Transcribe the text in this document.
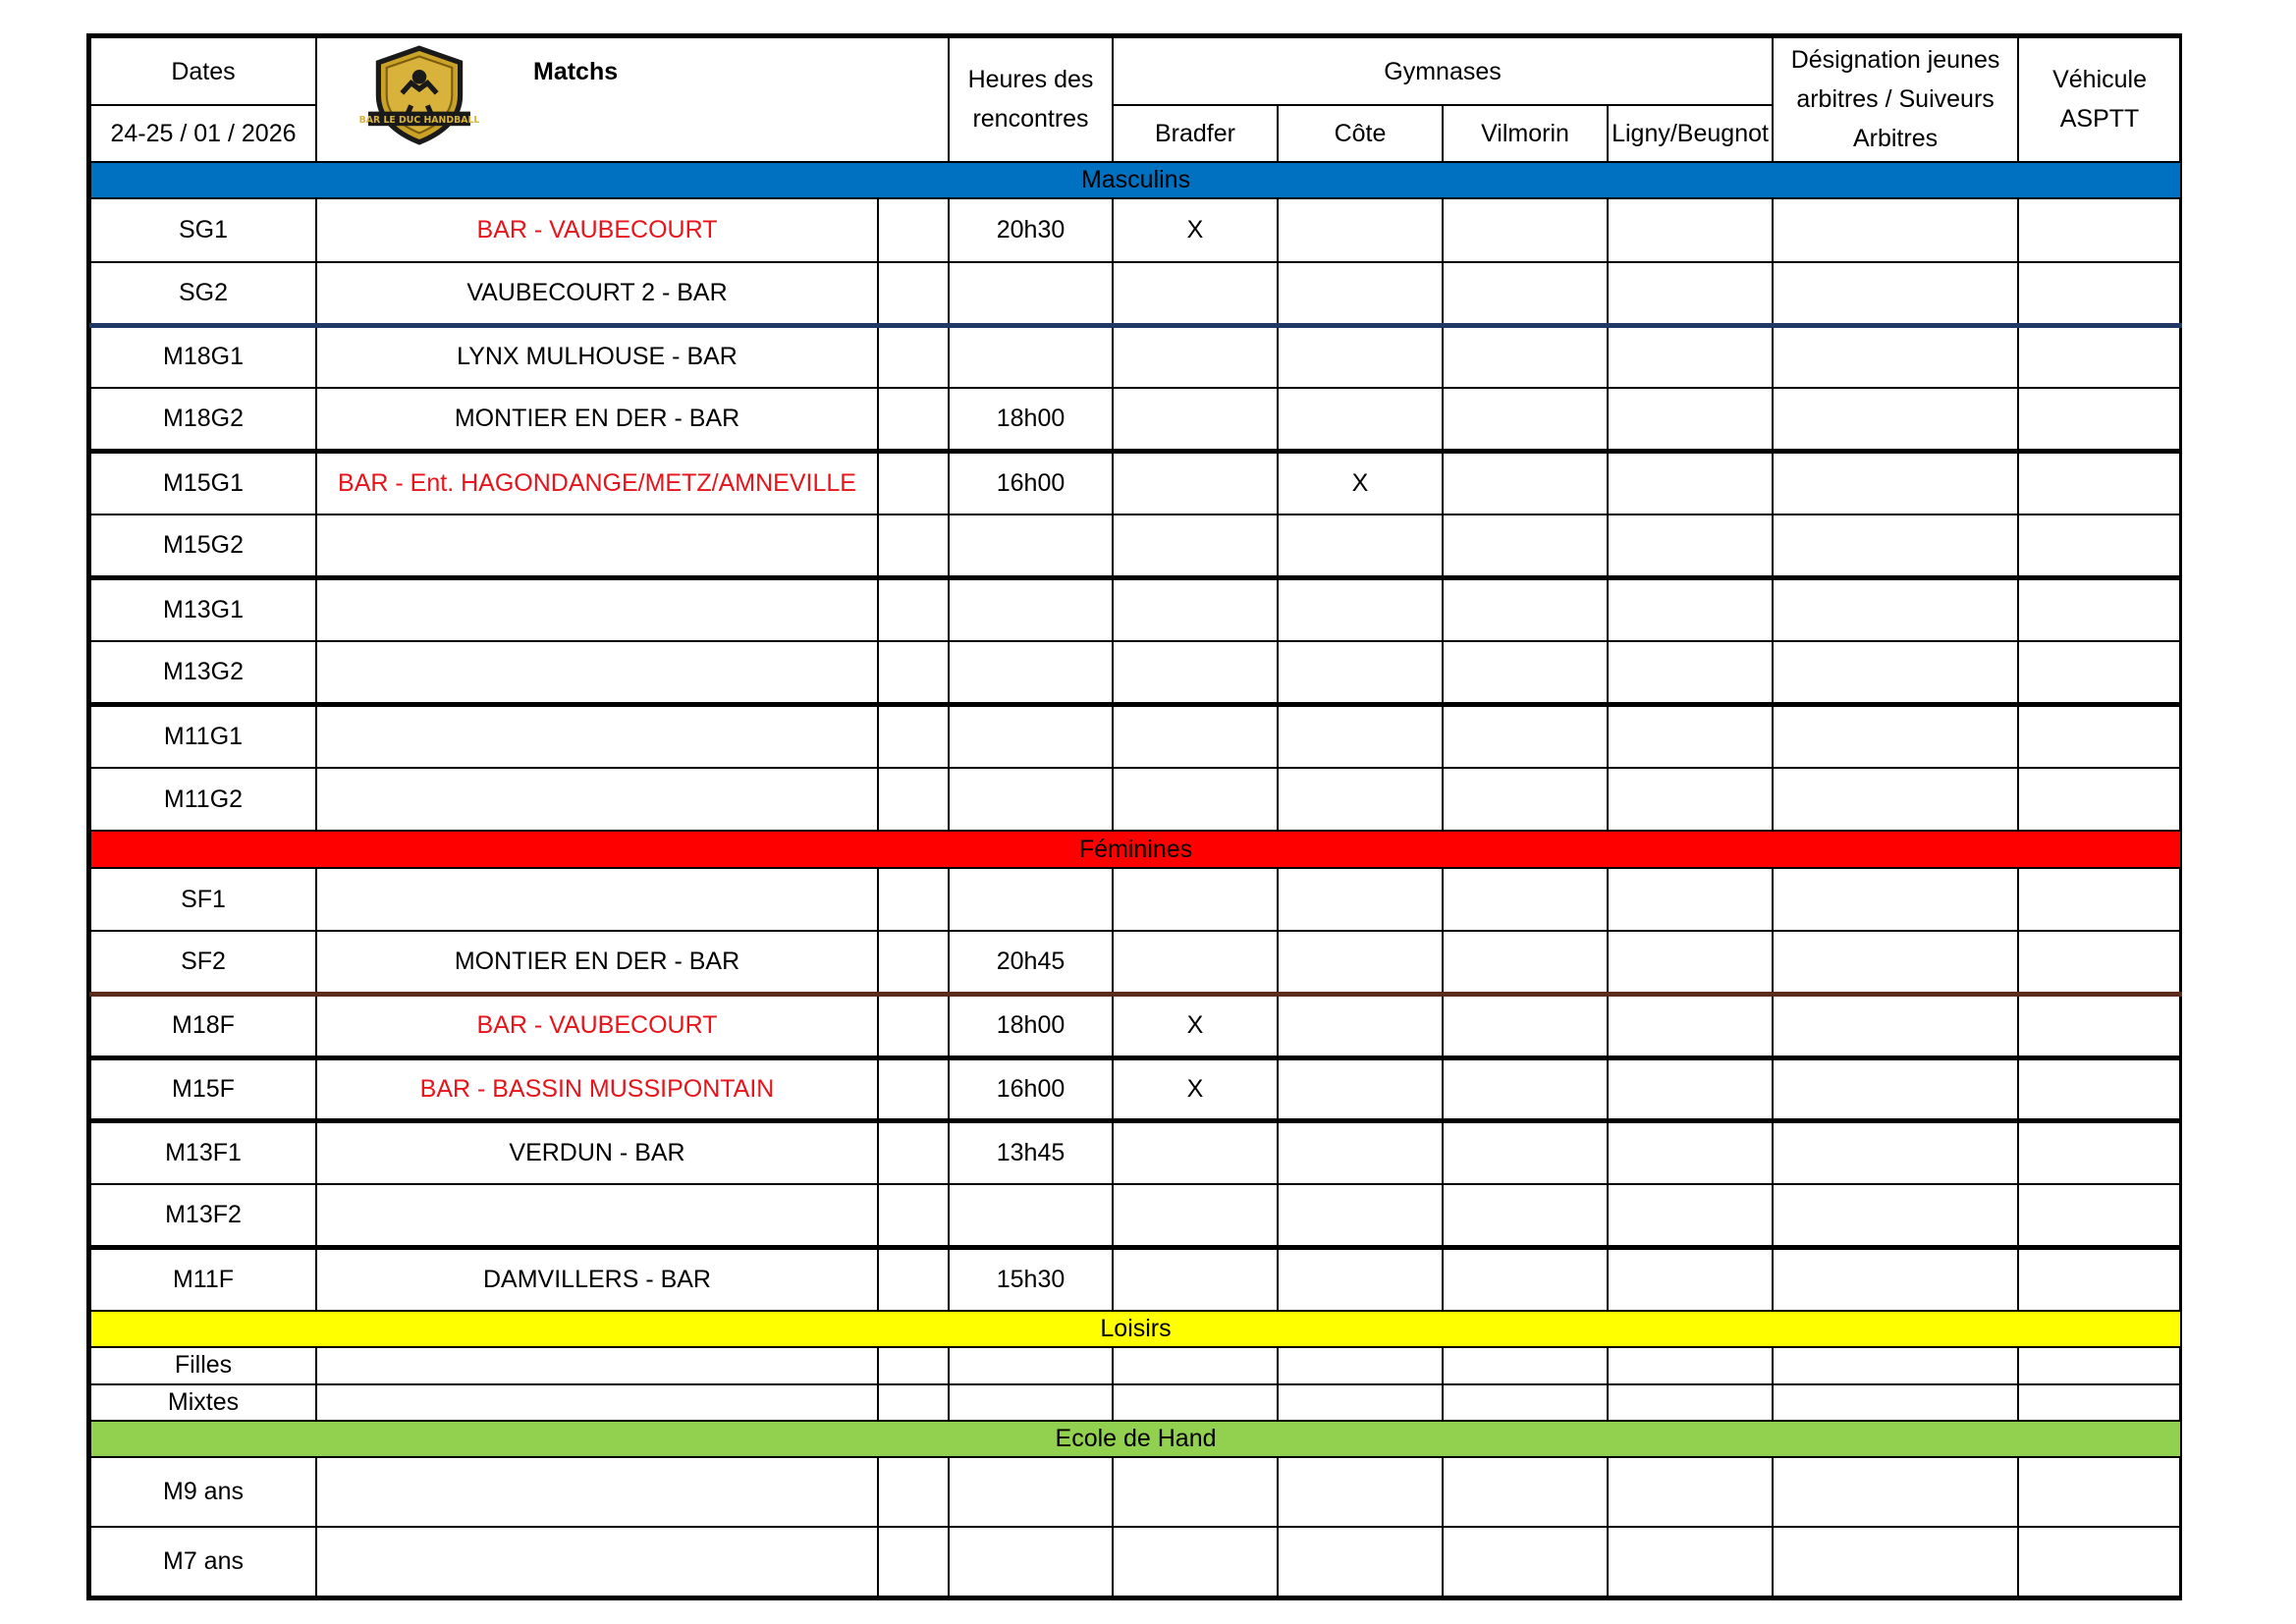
Dates	BAR LE DUC HANDBALL
Matchs		Heures des rencontres	Gymnases				Désignation jeunes arbitres / Suiveurs Arbitres	Véhicule ASPTT
24-25 / 01 / 2026				Bradfer	Côte	Vilmorin	Ligny/Beugnot		
Masculins									
SG1	BAR - VAUBECOURT		20h30	X					
SG2	VAUBECOURT 2 - BAR								
M18G1	LYNX MULHOUSE - BAR								
M18G2	MONTIER EN DER - BAR		18h00						
M15G1	BAR - Ent. HAGONDANGE/METZ/AMNEVILLE		16h00		X				
M15G2									
M13G1									
M13G2									
M11G1									
M11G2									
Féminines									
SF1									
SF2	MONTIER EN DER - BAR		20h45						
M18F	BAR - VAUBECOURT		18h00	X					
M15F	BAR - BASSIN MUSSIPONTAIN		16h00	X					
M13F1	VERDUN - BAR		13h45						
M13F2									
M11F	DAMVILLERS - BAR		15h30						
Loisirs									
Filles									
Mixtes									
Ecole de Hand									
M9 ans									
M7 ans									
